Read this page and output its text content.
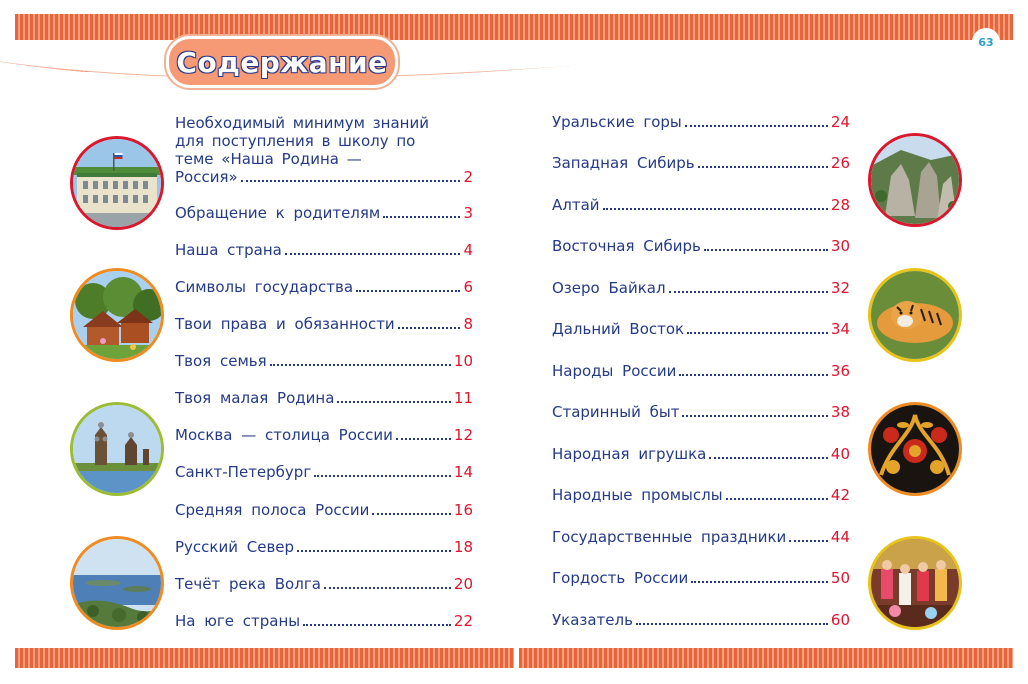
Содержание
63
Необходимый минимум знаний
для поступления в школу по
теме «Наша Родина —
Россия»	2
Обращение к родителям	3
Наша страна	4
Символы государства	6
Твои права и обязанности	8
Твоя семья	10
Твоя малая Родина	11
Москва — столица России	12
Санкт-Петербург	14
Средняя полоса России	16
Русский Север	18
Течёт река Волга	20
На юге страны	22
Уральские горы	24
Западная Сибирь	26
Алтай	28
Восточная Сибирь	30
Озеро Байкал	32
Дальний Восток	34
Народы России	36
Старинный быт	38
Народная игрушка	40
Народные промыслы	42
Государственные праздники	44
Гордость России	50
Указатель	60
